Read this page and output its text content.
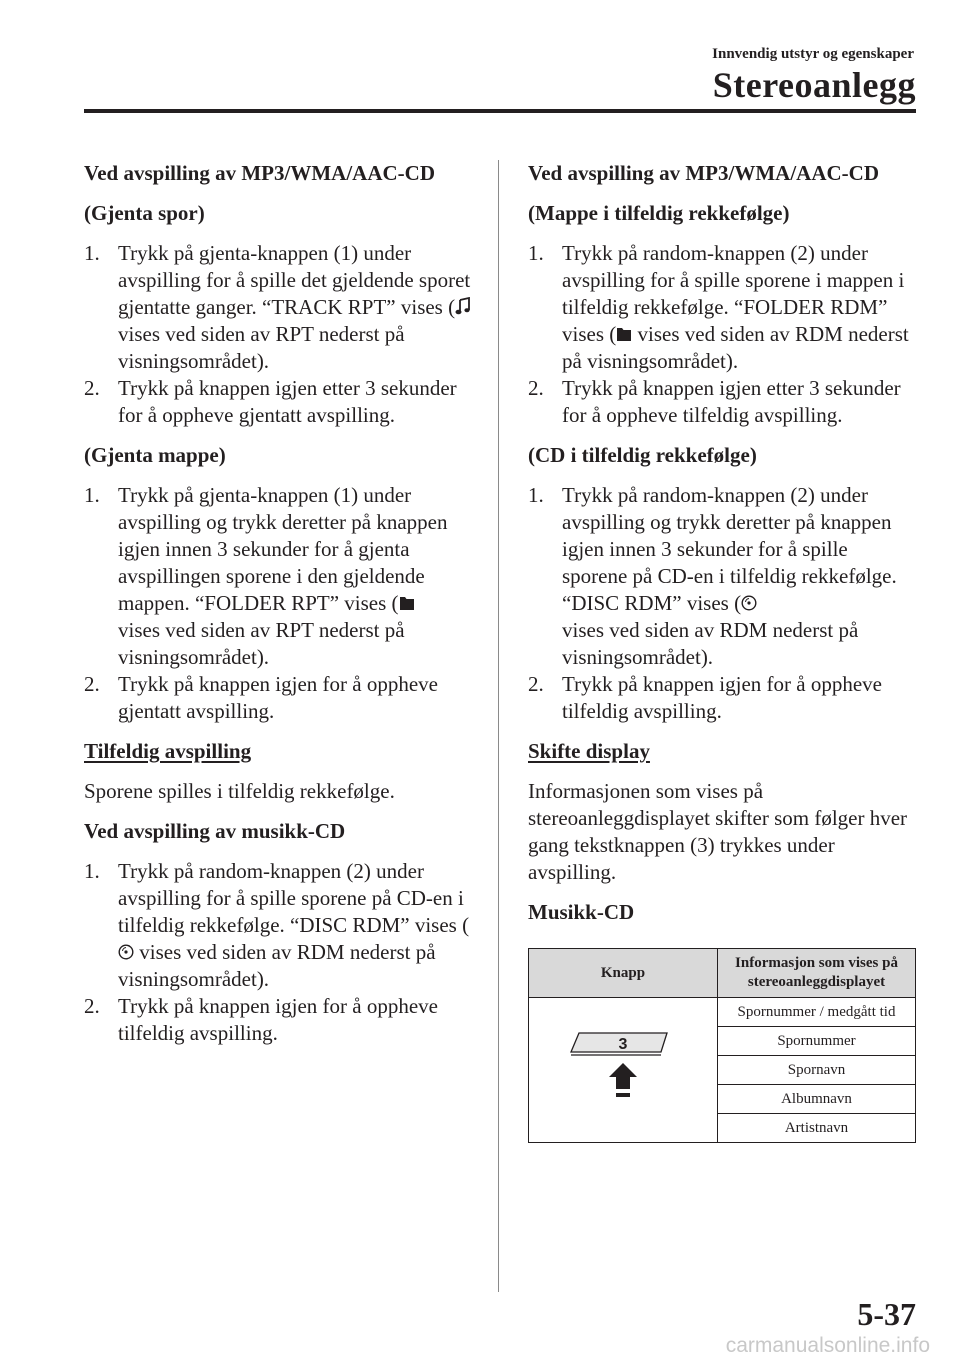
Innvendig utstyr og egenskaper
Stereoanlegg
Ved avspilling av MP3/WMA/AAC-CD
(Gjenta spor)
1. Trykk på gjenta-knappen (1) under avspilling for å spille det gjeldende sporet gjentatte ganger. “TRACK RPT” vises ( vises ved siden av RPT nederst på visningsområdet).
2. Trykk på knappen igjen etter 3 sekunder for å oppheve gjentatt avspilling.
(Gjenta mappe)
1. Trykk på gjenta-knappen (1) under avspilling og trykk deretter på knappen igjen innen 3 sekunder for å gjenta avspillingen sporene i den gjeldende mappen. “FOLDER RPT” vises (
vises ved siden av RPT nederst på visningsområdet).
2. Trykk på knappen igjen for å oppheve gjentatt avspilling.
Tilfeldig avspilling
Sporene spilles i tilfeldig rekkefølge.
Ved avspilling av musikk-CD
1. Trykk på random-knappen (2) under avspilling for å spille sporene på CD-en i tilfeldig rekkefølge. “DISC RDM” vises ( vises ved siden av RDM nederst på visningsområdet).
2. Trykk på knappen igjen for å oppheve tilfeldig avspilling.
Ved avspilling av MP3/WMA/AAC-CD
(Mappe i tilfeldig rekkefølge)
1. Trykk på random-knappen (2) under avspilling for å spille sporene i mappen i tilfeldig rekkefølge. “FOLDER RDM” vises ( vises ved siden av RDM nederst på visningsområdet).
2. Trykk på knappen igjen etter 3 sekunder for å oppheve tilfeldig avspilling.
(CD i tilfeldig rekkefølge)
1. Trykk på random-knappen (2) under avspilling og trykk deretter på knappen igjen innen 3 sekunder for å spille sporene på CD-en i tilfeldig rekkefølge. “DISC RDM” vises (
vises ved siden av RDM nederst på visningsområdet).
2. Trykk på knappen igjen for å oppheve tilfeldig avspilling.
Skifte display
Informasjonen som vises på stereoanleggdisplayet skifter som følger hver gang tekstknappen (3) trykkes under avspilling.
Musikk-CD
Knapp	Informasjon som vises på stereoanleggdisplayet

3	Spornummer / medgått tid
	Spornummer
	Spornavn
	Albumnavn
	Artistnavn
5-37
carmanualsonline.info
